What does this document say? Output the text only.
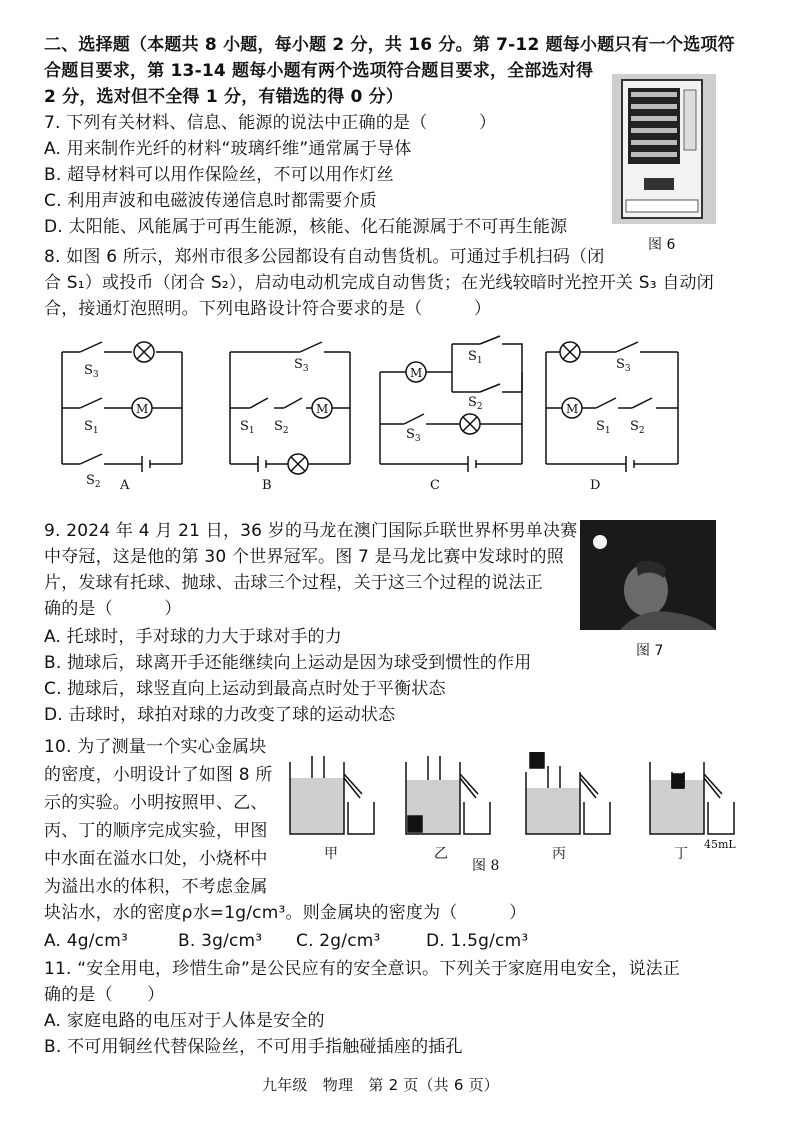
二、选择题（本题共 8 小题，每小题 2 分，共 16 分。第 7-12 题每小题只有一个选项符
合题目要求，第 13-14 题每小题有两个选项符合题目要求，全部选对得
2 分，选对但不全得 1 分，有错选的得 0 分）
7. 下列有关材料、信息、能源的说法中正确的是（　　　）
A. 用来制作光纤的材料“玻璃纤维”通常属于导体
B. 超导材料可以用作保险丝，不可以用作灯丝
C. 利用声波和电磁波传递信息时都需要介质
D. 太阳能、风能属于可再生能源，核能、化石能源属于不可再生能源
图 6
8. 如图 6 所示，郑州市很多公园都设有自动售货机。可通过手机扫码（闭
合 S₁）或投币（闭合 S₂），启动电动机完成自动售货；在光线较暗时光控开关 S₃ 自动闭
合，接通灯泡照明。下列电路设计符合要求的是（　　　）
$S_3$
$S_1$
M
$S_2$ A
$S_3$
$S_1$ $S_2$
M
B
M
$S_1$
$S_2$
$S_3$
C
$S_3$
M
$S_1$ $S_2$
D
9. 2024 年 4 月 21 日，36 岁的马龙在澳门国际乒联世界杯男单决赛
中夺冠，这是他的第 30 个世界冠军。图 7 是马龙比赛中发球时的照
片，发球有托球、抛球、击球三个过程，关于这三个过程的说法正
确的是（　　　）
A. 托球时，手对球的力大于球对手的力
B. 抛球后，球离开手还能继续向上运动是因为球受到惯性的作用
C. 抛球后，球竖直向上运动到最高点时处于平衡状态
D. 击球时，球拍对球的力改变了球的运动状态
图 7
10. 为了测量一个实心金属块
的密度，小明设计了如图 8 所
示的实验。小明按照甲、乙、
丙、丁的顺序完成实验，甲图
中水面在溢水口处，小烧杯中
为溢出水的体积，不考虑金属
块沾水，水的密度ρ水=1g/cm³。则金属块的密度为（　　　）
A. 4g/cm³	B. 3g/cm³ C. 2g/cm³	D. 1.5g/cm³
甲	乙	丙	丁
图 8
45mL
11. “安全用电，珍惜生命”是公民应有的安全意识。下列关于家庭用电安全，说法正
确的是（　　）
A. 家庭电路的电压对于人体是安全的
B. 不可用铜丝代替保险丝，不可用手指触碰插座的插孔
九年级　物理　第 2 页（共 6 页）
